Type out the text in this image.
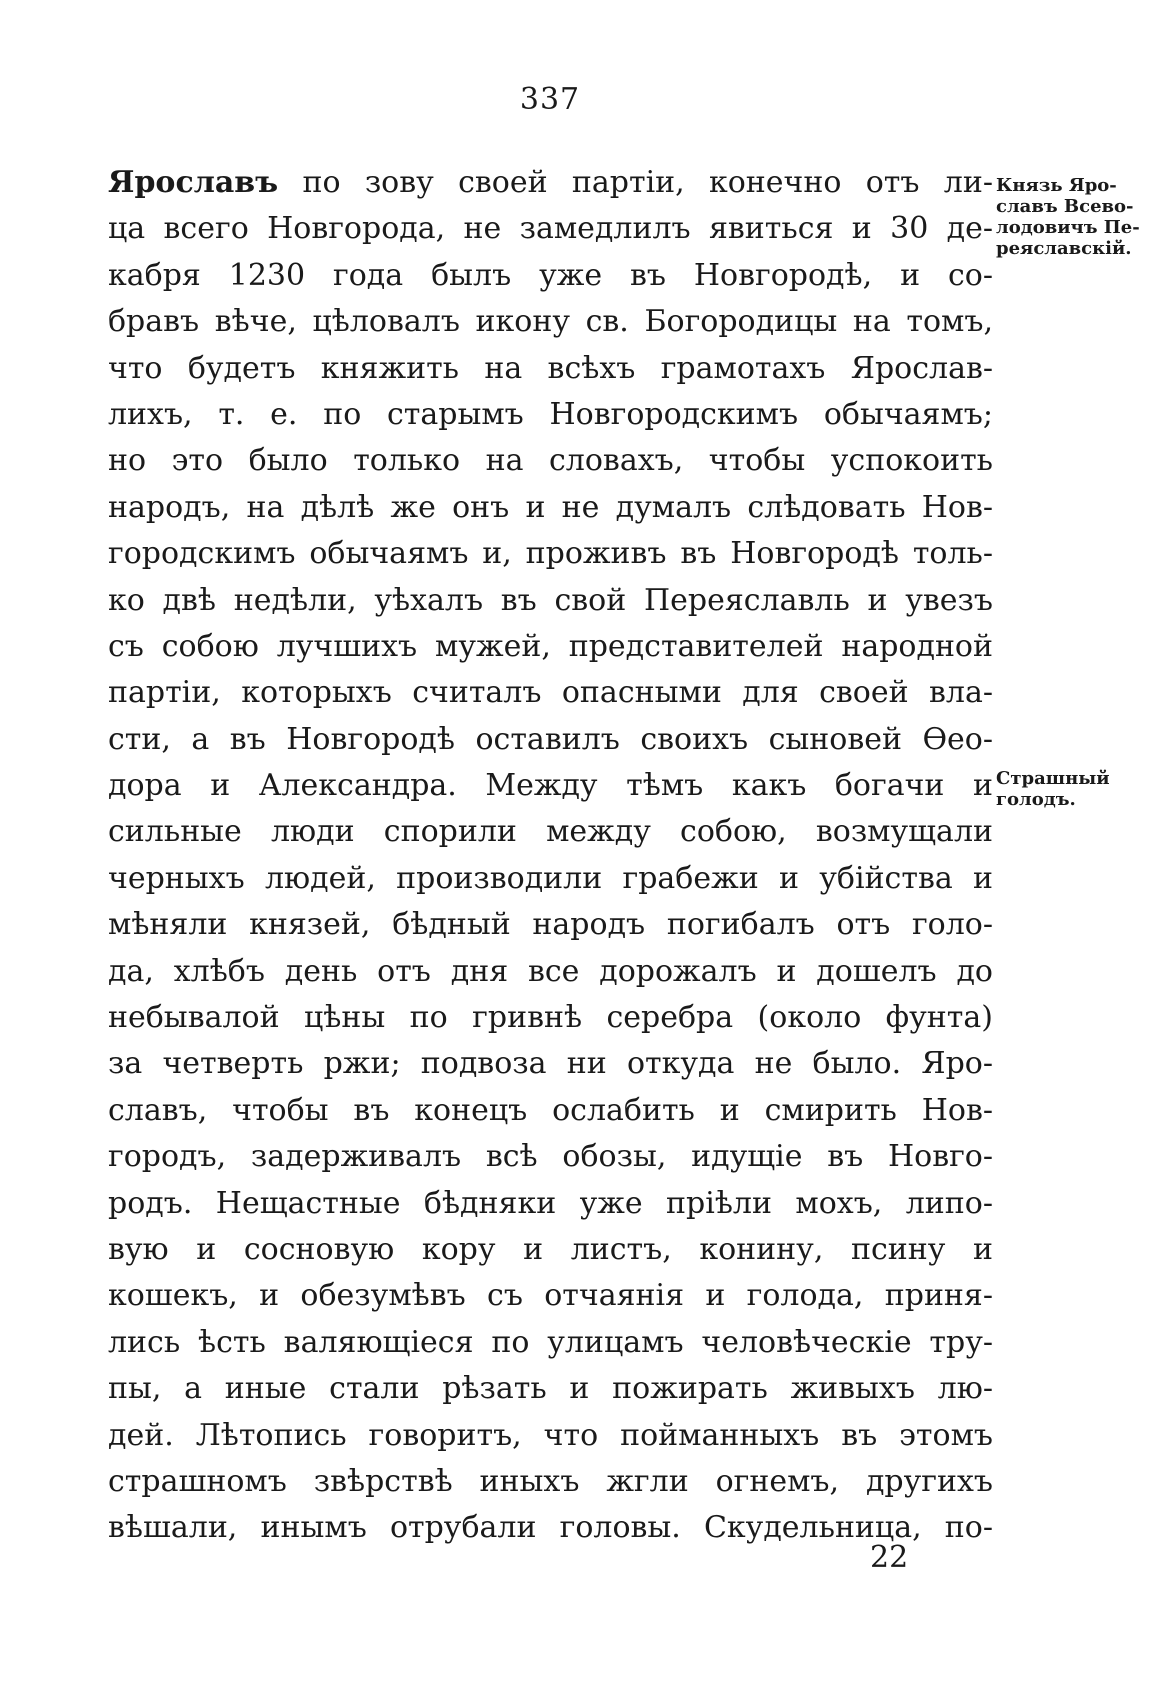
337
Князь Яро-
славъ Всево-
лодовичъ Пе-
реяславскій.
Страшный
голодъ.
Ярославъ по зову своей партіи, конечно отъ ли-
ца всего Новгорода, не замедлилъ явиться и 30 де-
кабря 1230 года былъ уже въ Новгородѣ, и со-
бравъ вѣче, цѣловалъ икону св. Богородицы на томъ,
что будетъ княжить на всѣхъ грамотахъ Ярослав-
лихъ, т. е. по старымъ Новгородскимъ обычаямъ;
но это было только на словахъ, чтобы успокоить
народъ, на дѣлѣ же онъ и не думалъ слѣдовать Нов-
городскимъ обычаямъ и, проживъ въ Новгородѣ толь-
ко двѣ недѣли, уѣхалъ въ свой Переяславль и увезъ
съ собою лучшихъ мужей, представителей народной
партіи, которыхъ считалъ опасными для своей вла-
сти, а въ Новгородѣ оставилъ своихъ сыновей Өео-
дора и Александра. Между тѣмъ какъ богачи и
сильные люди спорили между собою, возмущали
черныхъ людей, производили грабежи и убійства и
мѣняли князей, бѣдный народъ погибалъ отъ голо-
да, хлѣбъ день отъ дня все дорожалъ и дошелъ до
небывалой цѣны по гривнѣ серебра (около фунта)
за четверть ржи; подвоза ни откуда не было. Яро-
славъ, чтобы въ конецъ ослабить и смирить Нов-
городъ, задерживалъ всѣ обозы, идущіе въ Новго-
родъ. Нещастные бѣдняки уже пріѣли мохъ, липо-
вую и сосновую кору и листъ, конину, псину и
кошекъ, и обезумѣвъ съ отчаянія и голода, приня-
лись ѣсть валяющіеся по улицамъ человѣческіе тру-
пы, а иные стали рѣзать и пожирать живыхъ лю-
дей. Лѣтопись говоритъ, что пойманныхъ въ этомъ
страшномъ звѣрствѣ иныхъ жгли огнемъ, другихъ
вѣшали, инымъ отрубали головы. Скудельница, по-
22
